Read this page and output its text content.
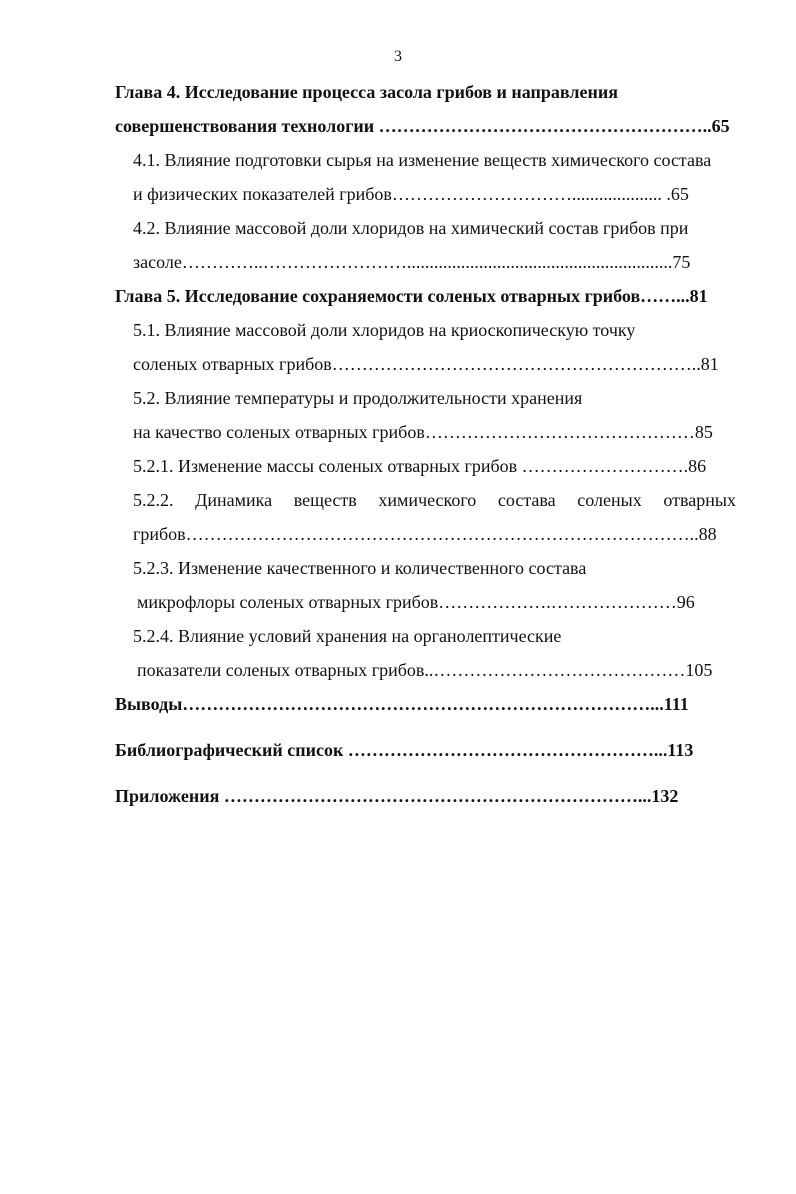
3
Глава 4. Исследование процесса засола грибов и направления
совершенствования технологии ………………………………………………..65
4.1. Влияние подготовки сырья на изменение веществ химического состава
и физических показателей грибов………………………….................... .65
4.2. Влияние массовой доли хлоридов на химический состав грибов при
засоле…………..……………………...........................................................75
Глава 5. Исследование сохраняемости соленых отварных грибов……...81
5.1. Влияние массовой доли хлоридов на криоскопическую точку
соленых отварных грибов……………………………………………………..81
5.2. Влияние температуры и продолжительности хранения
на качество соленых отварных грибов………………………………………85
5.2.1. Изменение массы соленых отварных грибов ……………………….86
5.2.2. Динамика веществ химического состава соленых отварных
грибов…………………………………………………………………………..88
5.2.3. Изменение качественного и количественного состава
микрофлоры соленых отварных грибов……………….…………………96
5.2.4. Влияние условий хранения на органолептические
показатели соленых отварных грибов..……………………………………105
Выводы……………………………………………………………………...111
Библиографический список ……………………………………………...113
Приложения ……………………………………………………………...132
